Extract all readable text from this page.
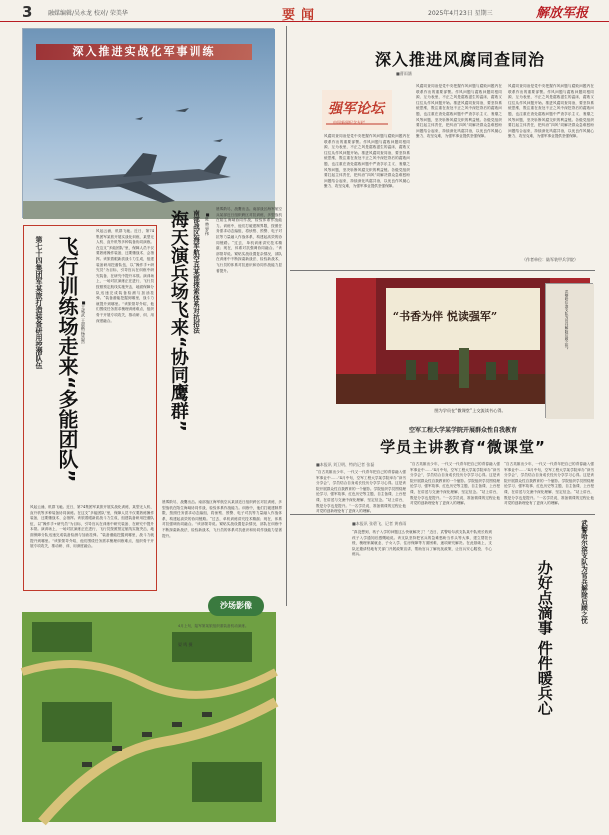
3	融媒编辑/吴永龙 校对/ 荣美华	要闻	2025年4月23日 星期三	解放军报
深入推进实战化军事训练
第七十四集团军某旅打造装备研用挖潜队伍 飞行训练场走来“多能团队” ■王威武 王晨楷 杨浩然
风起云涌，机群飞驰。近日，第74集团军某旅开展实战化训练，某型无人机、直升机等多种装备协同演练。在这支“多能团队”里，保障人员不仅要熟练操作装备，还要懂战术、会指挥。该旅着眼新质战斗力生成，组建装备研用挖潜队伍，以“操作手+研究员”为目标，引导官兵在训练中研究装备、在研究中提升本领。演训场上，一场对抗演练正在进行，飞行员按照预定航线实施突击，地面保障分队迅速完成装备检测与加油挂弹。“装备潜能挖掘到哪里，战斗力就提升到哪里。”该旅领导介绍，他们围绕任务需求梳理训练难点，组织骨干开展专项攻关，推动研、训、用深度融合。
风起云涌，机群飞驰。近日，第74集团军某旅开展实战化训练，某型无人机、直升机等多种装备协同演练。在这支“多能团队”里，保障人员不仅要熟练操作装备，还要懂战术、会指挥。该旅着眼新质战斗力生成，组建装备研用挖潜队伍，以“操作手+研究员”为目标，引导官兵在训练中研究装备、在研究中提升本领。演训场上，一场对抗演练正在进行，飞行员按照预定航线实施突击，地面保障分队迅速完成装备检测与加油挂弹。“装备潜能挖掘到哪里，战斗力就提升到哪里。”该旅领导介绍，他们围绕任务需求梳理训练难点，组织骨干开展专项攻关，推动研、训、用深度融合。
海天演兵场飞来“协同鹰群” 南部战区海军航空兵某部探索体系对抗招法 ■陈 赞 罗伟
晨雾散尽，战鹰出击。南部战区海军航空兵某部近日组织跨区对抗训练，多型战机在陌生海域协同作战，检验体系作战能力。训练中，他们打破建制界限，按照任务需求动态编组，将侦察、预警、电子对抗等力量融入作战体系，构建起高效的协同链路。“过去，单机训练讲究技术精湛；现在，体系对抗强调协同融合。”该部领导说。紧贴实战设置复杂情况，部队在训练中不断探索新战法、检验新战术，飞行员的体系对抗意识和协同作战能力显著提升。
晨雾散尽，战鹰出击。南部战区海军航空兵某部近日组织跨区对抗训练，多型战机在陌生海域协同作战，检验体系作战能力。训练中，他们打破建制界限，按照任务需求动态编组，将侦察、预警、电子对抗等力量融入作战体系，构建起高效的协同链路。“过去，单机训练讲究技术精湛；现在，体系对抗强调协同融合。”该部领导说。紧贴实战设置复杂情况，部队在训练中不断探索新战法、检验新战术，飞行员的体系对抗意识和协同作战能力显著提升。
深入推进风腐同查同治
■曹雨涵
强军论坛
中国新闻纪念专栏
风腐同查同治是党中央把握作风问题与腐败问题内在联系作出的重要部署。作风问题与腐败问题同根同源、互为表里，不正之风是腐败滋生的温床，腐败又往往从作风问题开始。推进风腐同查同治，要坚持系统思维，既注重在查处不正之风中深挖背后的腐败问题，也注重在查处腐败问题中严查享乐主义、奢靡之风等问题，坚决斩断风腐交织的利益链。各级党组织要扛起主体责任，把纠治“四风”同解决群众急难愁盼问题结合起来，持续深化风腐共治，以优良作风凝心聚力、攻坚克难，为强军事业提供坚强保障。
风腐同查同治是党中央把握作风问题与腐败问题内在联系作出的重要部署。作风问题与腐败问题同根同源、互为表里，不正之风是腐败滋生的温床，腐败又往往从作风问题开始。推进风腐同查同治，要坚持系统思维，既注重在查处不正之风中深挖背后的腐败问题，也注重在查处腐败问题中严查享乐主义、奢靡之风等问题，坚决斩断风腐交织的利益链。各级党组织要扛起主体责任，把纠治“四风”同解决群众急难愁盼问题结合起来，持续深化风腐共治，以优良作风凝心聚力、攻坚克难，为强军事业提供坚强保障。
风腐同查同治是党中央把握作风问题与腐败问题内在联系作出的重要部署。作风问题与腐败问题同根同源、互为表里，不正之风是腐败滋生的温床，腐败又往往从作风问题开始。推进风腐同查同治，要坚持系统思维，既注重在查处不正之风中深挖背后的腐败问题，也注重在查处腐败问题中严查享乐主义、奢靡之风等问题，坚决斩断风腐交织的利益链。各级党组织要扛起主体责任，把纠治“四风”同解决群众急难愁盼问题结合起来，持续深化风腐共治，以优良作风凝心聚力、攻坚克难，为强军事业提供坚强保障。
（作者单位：陆军装甲兵学院）
“书香为伴 悦读强军”
图为学员在“微课堂”上交流读书心得。
空军工程大学某学院开展群众性自我教育
学员主讲教育“微课堂”
■本报讯 刘卫明、特约记者 张磊
“自古英雄出少年，一代又一代青年把自己的青春融入强军事业中……”4月中旬，空军工程大学某学院举办“读书分享会”，学员结合自身成长经历分享学习心得。这是该院开展群众性自我教育的一个缩影。学院组织学员围绕理论学习、强军故事、红色历史等主题，自主备课、上台授课，在讲述与交流中深化理解、坚定信念。“站上讲台，既是分享也是提升。”一名学员说，准备微课的过程让他对党的创新理论有了更深入的理解。
“自古英雄出少年，一代又一代青年把自己的青春融入强军事业中……”4月中旬，空军工程大学某学院举办“读书分享会”，学员结合自身成长经历分享学习心得。这是该院开展群众性自我教育的一个缩影。学院组织学员围绕理论学习、强军故事、红色历史等主题，自主备课、上台授课，在讲述与交流中深化理解、坚定信念。“站上讲台，既是分享也是提升。”一名学员说，准备微课的过程让他对党的创新理论有了更深入的理解。
“自古英雄出少年，一代又一代青年把自己的青春融入强军事业中……”4月中旬，空军工程大学某学院举办“读书分享会”，学员结合自身成长经历分享学习心得。这是该院开展群众性自我教育的一个缩影。学院组织学员围绕理论学习、强军故事、红色历史等主题，自主备课、上台授课，在讲述与交流中深化理解、坚定信念。“站上讲台，既是分享也是提升。”一名学员说，准备微课的过程让他对党的创新理论有了更深入的理解。
■本报讯 张碧飞、记者 黄春雨
“真没想到，孩子入学的问题这么快就解决了！”近日，武警哈尔滨支队某中队班长收到孩子入学通知后感慨地说。该支队坚持把官兵的急难愁盼当作头等大事，建立帮扶台账，梳理家属就业、子女入学、住房保障等方面困难，逐项研究解决。在此基础上，支队还邀请驻地有关部门开展政策宣讲，帮助官兵了解优抚政策，让官兵安心服役、专心练兵。
办好点滴事 件件暖兵心	武警哈尔滨支队为官兵解除后顾之忧
武警哈尔滨支队为官兵解除后顾之忧。
沙场影像
4月上旬，陆军第某旅组织重装备机动演练。
晏 鸣 摄
